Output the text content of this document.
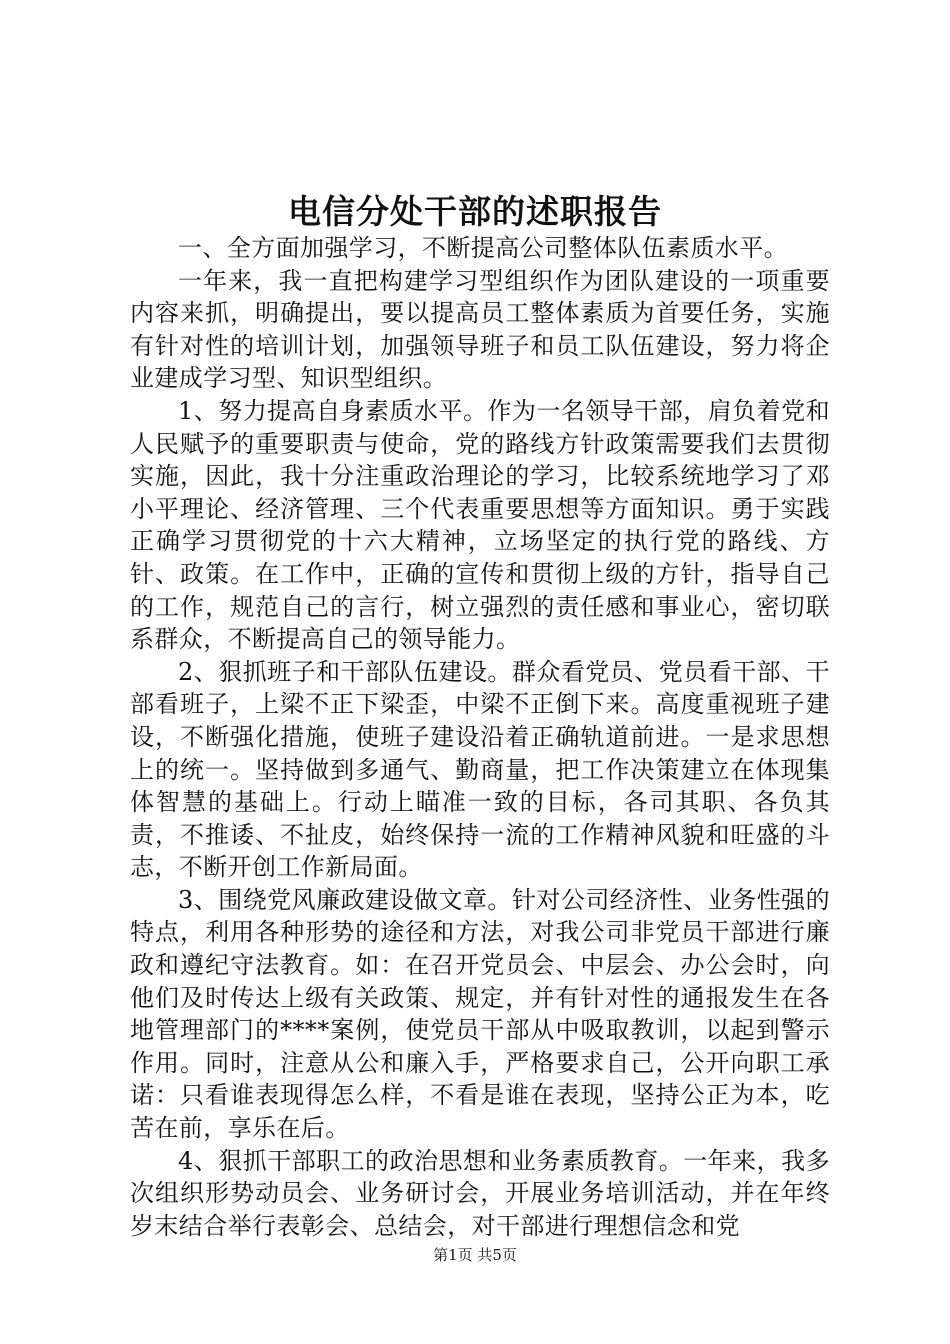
电信分处干部的述职报告

一、全方面加强学习，不断提高公司整体队伍素质水平。

一年来，我一直把构建学习型组织作为团队建设的一项重要内容来抓，明确提出，要以提高员工整体素质为首要任务，实施有针对性的培训计划，加强领导班子和员工队伍建设，努力将企业建成学习型、知识型组织。

1、努力提高自身素质水平。作为一名领导干部，肩负着党和人民赋予的重要职责与使命，党的路线方针政策需要我们去贯彻实施，因此，我十分注重政治理论的学习，比较系统地学习了邓小平理论、经济管理、三个代表重要思想等方面知识。勇于实践正确学习贯彻党的十六大精神，立场坚定的执行党的路线、方针、政策。在工作中，正确的宣传和贯彻上级的方针，指导自己的工作，规范自己的言行，树立强烈的责任感和事业心，密切联系群众，不断提高自己的领导能力。

2、狠抓班子和干部队伍建设。群众看党员、党员看干部、干部看班子，上梁不正下梁歪，中梁不正倒下来。高度重视班子建设，不断强化措施，使班子建设沿着正确轨道前进。一是求思想上的统一。坚持做到多通气、勤商量，把工作决策建立在体现集体智慧的基础上。行动上瞄准一致的目标，各司其职、各负其责，不推诿、不扯皮，始终保持一流的工作精神风貌和旺盛的斗志，不断开创工作新局面。

3、围绕党风廉政建设做文章。针对公司经济性、业务性强的特点，利用各种形势的途径和方法，对我公司非党员干部进行廉政和遵纪守法教育。如：在召开党员会、中层会、办公会时，向他们及时传达上级有关政策、规定，并有针对性的通报发生在各地管理部门的****案例，使党员干部从中吸取教训，以起到警示作用。同时，注意从公和廉入手，严格要求自己，公开向职工承诺：只看谁表现得怎么样，不看是谁在表现，坚持公正为本，吃苦在前，享乐在后。

4、狠抓干部职工的政治思想和业务素质教育。一年来，我多次组织形势动员会、业务研讨会，开展业务培训活动，并在年终岁末结合举行表彰会、总结会，对干部进行理想信念和党

第1页 共5页
